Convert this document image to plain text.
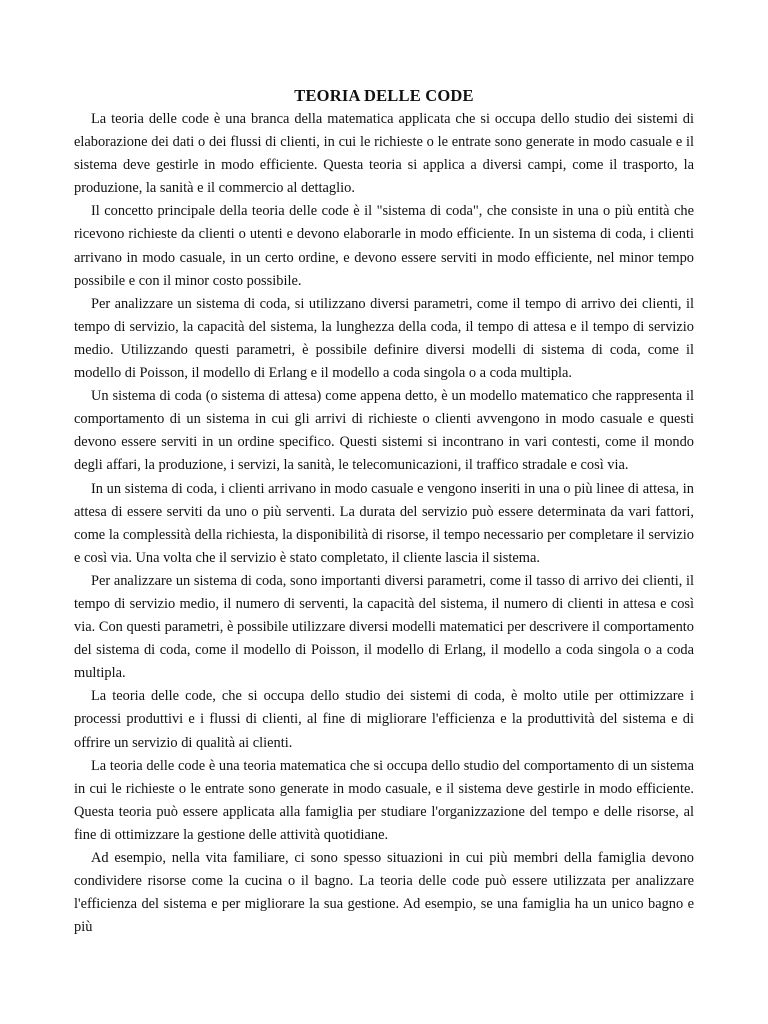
TEORIA DELLE CODE

La teoria delle code è una branca della matematica applicata che si occupa dello studio dei sistemi di elaborazione dei dati o dei flussi di clienti, in cui le richieste o le entrate sono generate in modo casuale e il sistema deve gestirle in modo efficiente. Questa teoria si applica a diversi campi, come il trasporto, la produzione, la sanità e il commercio al dettaglio.

Il concetto principale della teoria delle code è il "sistema di coda", che consiste in una o più entità che ricevono richieste da clienti o utenti e devono elaborarle in modo efficiente. In un sistema di coda, i clienti arrivano in modo casuale, in un certo ordine, e devono essere serviti in modo efficiente, nel minor tempo possibile e con il minor costo possibile.

Per analizzare un sistema di coda, si utilizzano diversi parametri, come il tempo di arrivo dei clienti, il tempo di servizio, la capacità del sistema, la lunghezza della coda, il tempo di attesa e il tempo di servizio medio. Utilizzando questi parametri, è possibile definire diversi modelli di sistema di coda, come il modello di Poisson, il modello di Erlang e il modello a coda singola o a coda multipla.

Un sistema di coda (o sistema di attesa) come appena detto, è un modello matematico che rappresenta il comportamento di un sistema in cui gli arrivi di richieste o clienti avvengono in modo casuale e questi devono essere serviti in un ordine specifico. Questi sistemi si incontrano in vari contesti, come il mondo degli affari, la produzione, i servizi, la sanità, le telecomunicazioni, il traffico stradale e così via.

In un sistema di coda, i clienti arrivano in modo casuale e vengono inseriti in una o più linee di attesa, in attesa di essere serviti da uno o più serventi. La durata del servizio può essere determinata da vari fattori, come la complessità della richiesta, la disponibilità di risorse, il tempo necessario per completare il servizio e così via. Una volta che il servizio è stato completato, il cliente lascia il sistema.

Per analizzare un sistema di coda, sono importanti diversi parametri, come il tasso di arrivo dei clienti, il tempo di servizio medio, il numero di serventi, la capacità del sistema, il numero di clienti in attesa e così via. Con questi parametri, è possibile utilizzare diversi modelli matematici per descrivere il comportamento del sistema di coda, come il modello di Poisson, il modello di Erlang, il modello a coda singola o a coda multipla.

La teoria delle code, che si occupa dello studio dei sistemi di coda, è molto utile per ottimizzare i processi produttivi e i flussi di clienti, al fine di migliorare l'efficienza e la produttività del sistema e di offrire un servizio di qualità ai clienti.

La teoria delle code è una teoria matematica che si occupa dello studio del comportamento di un sistema in cui le richieste o le entrate sono generate in modo casuale, e il sistema deve gestirle in modo efficiente. Questa teoria può essere applicata alla famiglia per studiare l'organizzazione del tempo e delle risorse, al fine di ottimizzare la gestione delle attività quotidiane.

Ad esempio, nella vita familiare, ci sono spesso situazioni in cui più membri della famiglia devono condividere risorse come la cucina o il bagno. La teoria delle code può essere utilizzata per analizzare l'efficienza del sistema e per migliorare la sua gestione. Ad esempio, se una famiglia ha un unico bagno e più
